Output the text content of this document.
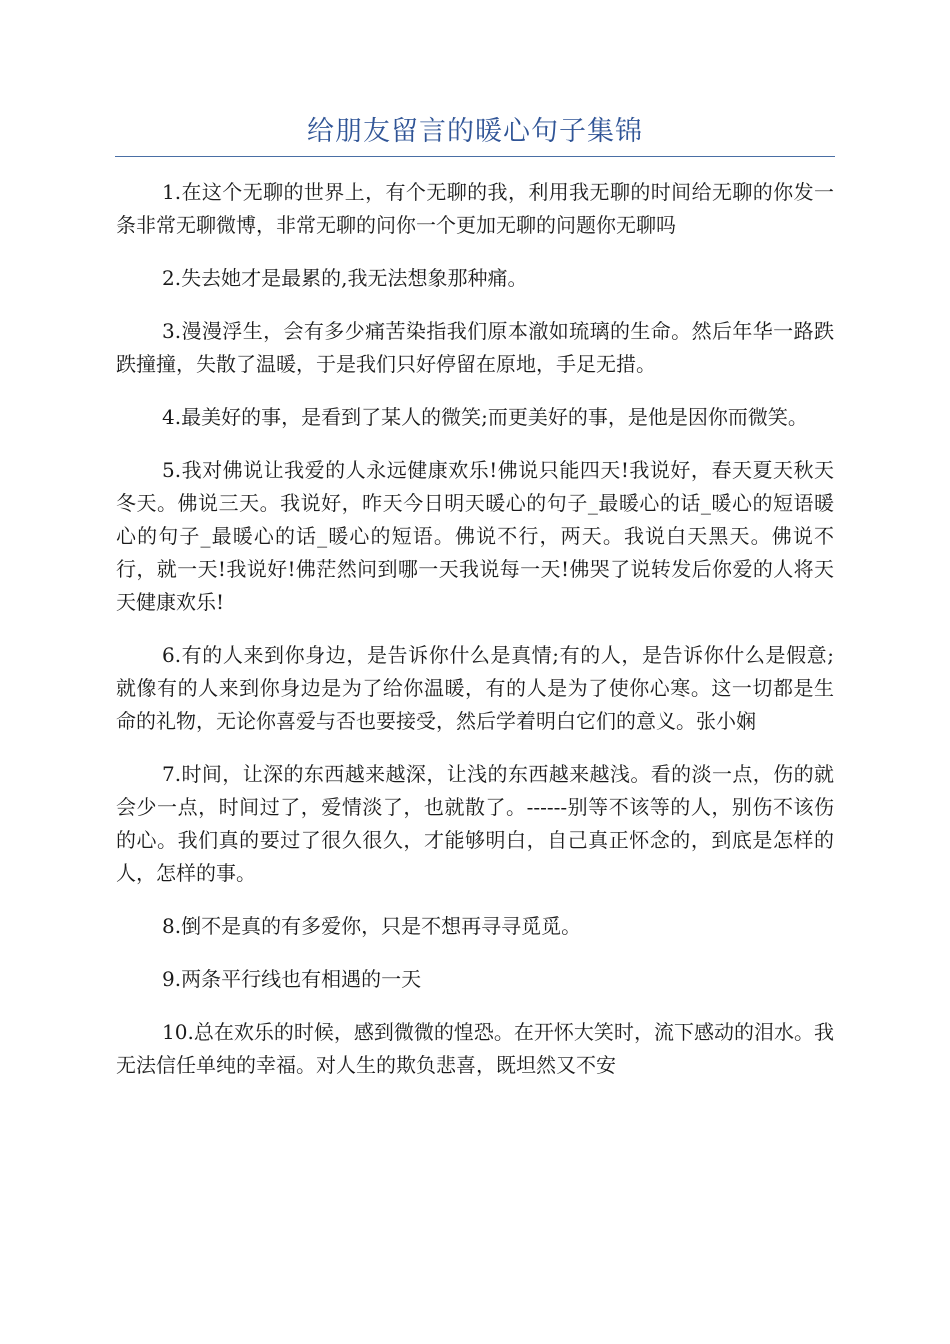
给朋友留言的暖心句子集锦

1.在这个无聊的世界上，有个无聊的我，利用我无聊的时间给无聊的你发一条非常无聊微博，非常无聊的问你一个更加无聊的问题你无聊吗

2.失去她才是最累的,我无法想象那种痛。

3.漫漫浮生，会有多少痛苦染指我们原本澈如琉璃的生命。然后年华一路跌跌撞撞，失散了温暖，于是我们只好停留在原地，手足无措。

4.最美好的事，是看到了某人的微笑;而更美好的事，是他是因你而微笑。

5.我对佛说让我爱的人永远健康欢乐!佛说只能四天!我说好，春天夏天秋天冬天。佛说三天。我说好，昨天今日明天暖心的句子_最暖心的话_暖心的短语暖心的句子_最暖心的话_暖心的短语。佛说不行，两天。我说白天黑天。佛说不行，就一天!我说好!佛茫然问到哪一天我说每一天!佛哭了说转发后你爱的人将天天健康欢乐!

6.有的人来到你身边，是告诉你什么是真情;有的人，是告诉你什么是假意;就像有的人来到你身边是为了给你温暖，有的人是为了使你心寒。这一切都是生命的礼物，无论你喜爱与否也要接受，然后学着明白它们的意义。张小娴

7.时间，让深的东西越来越深，让浅的东西越来越浅。看的淡一点，伤的就会少一点，时间过了，爱情淡了，也就散了。------别等不该等的人，别伤不该伤的心。我们真的要过了很久很久，才能够明白，自己真正怀念的，到底是怎样的人，怎样的事。

8.倒不是真的有多爱你，只是不想再寻寻觅觅。

9.两条平行线也有相遇的一天

10.总在欢乐的时候，感到微微的惶恐。在开怀大笑时，流下感动的泪水。我无法信任单纯的幸福。对人生的欺负悲喜，既坦然又不安
